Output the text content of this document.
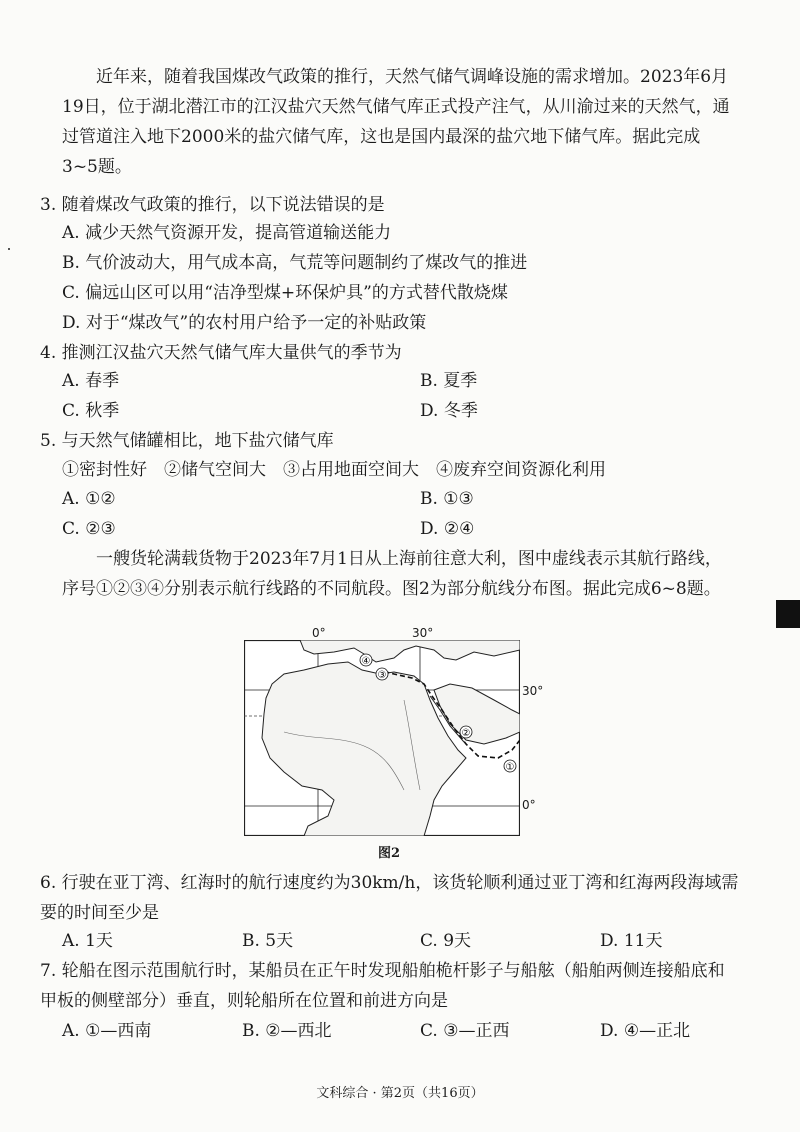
近年来，随着我国煤改气政策的推行，天然气储气调峰设施的需求增加。2023年6月19日，位于湖北潜江市的江汉盐穴天然气储气库正式投产注气，从川渝过来的天然气，通过管道注入地下2000米的盐穴储气库，这也是国内最深的盐穴地下储气库。据此完成3~5题。

3. 随着煤改气政策的推行，以下说法错误的是

A. 减少天然气资源开发，提高管道输送能力

B. 气价波动大，用气成本高，气荒等问题制约了煤改气的推进

C. 偏远山区可以用“洁净型煤+环保炉具”的方式替代散烧煤

D. 对于“煤改气”的农村用户给予一定的补贴政策

4. 推测江汉盐穴天然气储气库大量供气的季节为

A. 春季	B. 夏季

C. 秋季	D. 冬季

5. 与天然气储罐相比，地下盐穴储气库

①密封性好　②储气空间大　③占用地面空间大　④废弃空间资源化利用

A. ①②	B. ①③

C. ②③	D. ②④

一艘货轮满载货物于2023年7月1日从上海前往意大利，图中虚线表示其航行路线，序号①②③④分别表示航行线路的不同航段。图2为部分航线分布图。据此完成6~8题。

①
②
③
④
0°	30°
30°
0°
图2

6. 行驶在亚丁湾、红海时的航行速度约为30km/h，该货轮顺利通过亚丁湾和红海两段海域需要的时间至少是

A. 1天	B. 5天	C. 9天	D. 11天

7. 轮船在图示范围航行时，某船员在正午时发现船舶桅杆影子与船舷（船舶两侧连接船底和甲板的侧壁部分）垂直，则轮船所在位置和前进方向是

A. ①—西南	B. ②—西北	C. ③—正西	D. ④—正北

文科综合 · 第2页（共16页）
